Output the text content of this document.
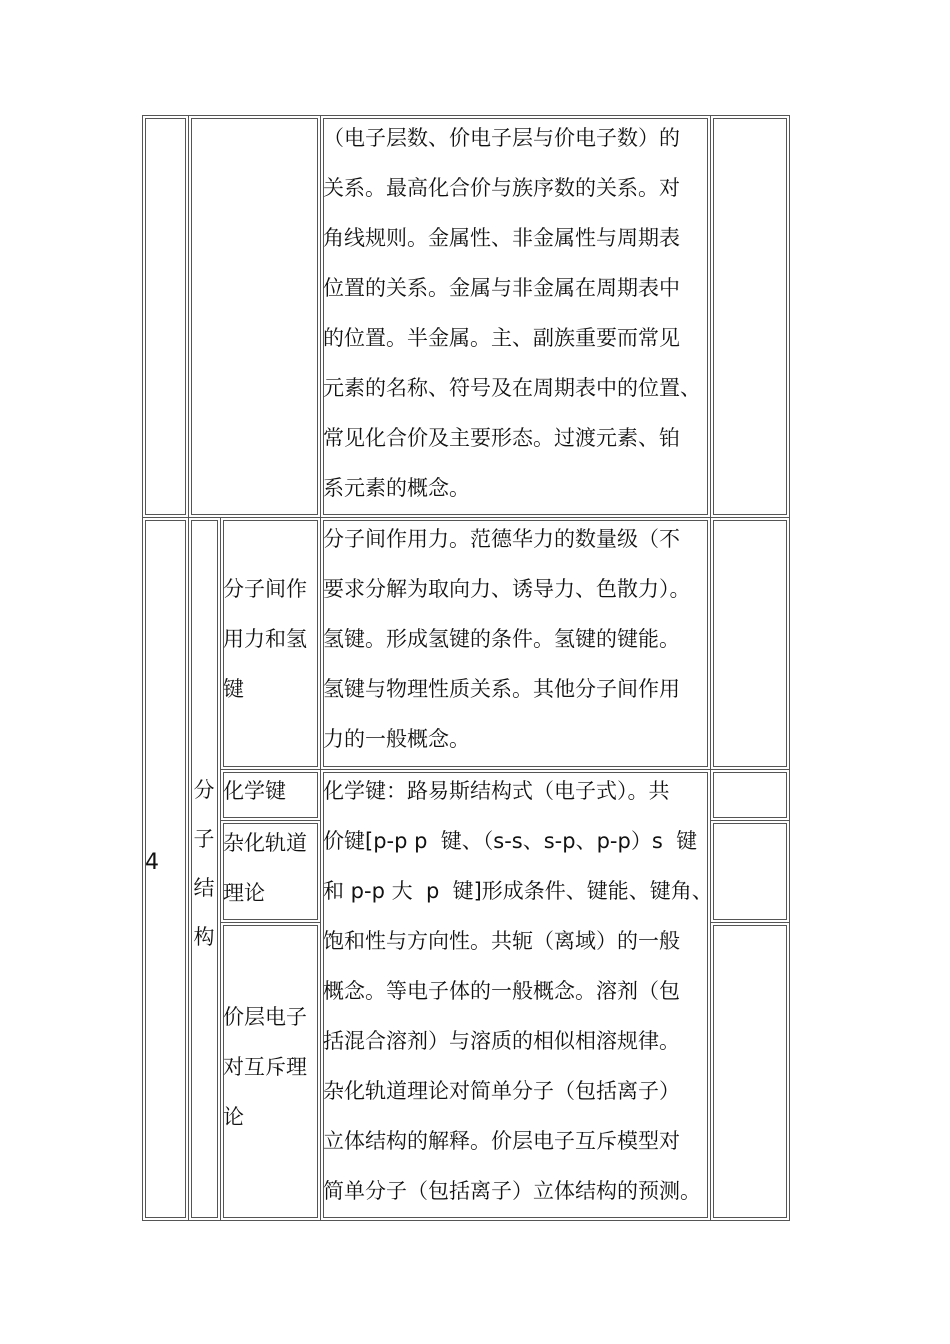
（电子层数、价电子层与价电子数）的
关系。最高化合价与族序数的关系。对
角线规则。金属性、非金属性与周期表
位置的关系。金属与非金属在周期表中
的位置。半金属。主、副族重要而常见
元素的名称、符号及在周期表中的位置、
常见化合价及主要形态。过渡元素、铂
系元素的概念。
4
分
子
结
构
分子间作
用力和氢
键
化学键
杂化轨道
理论
价层电子
对互斥理
论
分子间作用力。范德华力的数量级（不
要求分解为取向力、诱导力、色散力）。
氢键。形成氢键的条件。氢键的键能。
氢键与物理性质关系。其他分子间作用
力的一般概念。
化学键：路易斯结构式（电子式）。共
价键[p-p p  键、（s-s、s-p、p-p）s  键
和 p-p 大  p  键]形成条件、键能、键角、
饱和性与方向性。共轭（离域）的一般
概念。等电子体的一般概念。溶剂（包
括混合溶剂）与溶质的相似相溶规律。
杂化轨道理论对简单分子（包括离子）
立体结构的解释。价层电子互斥模型对
简单分子（包括离子）立体结构的预测。
